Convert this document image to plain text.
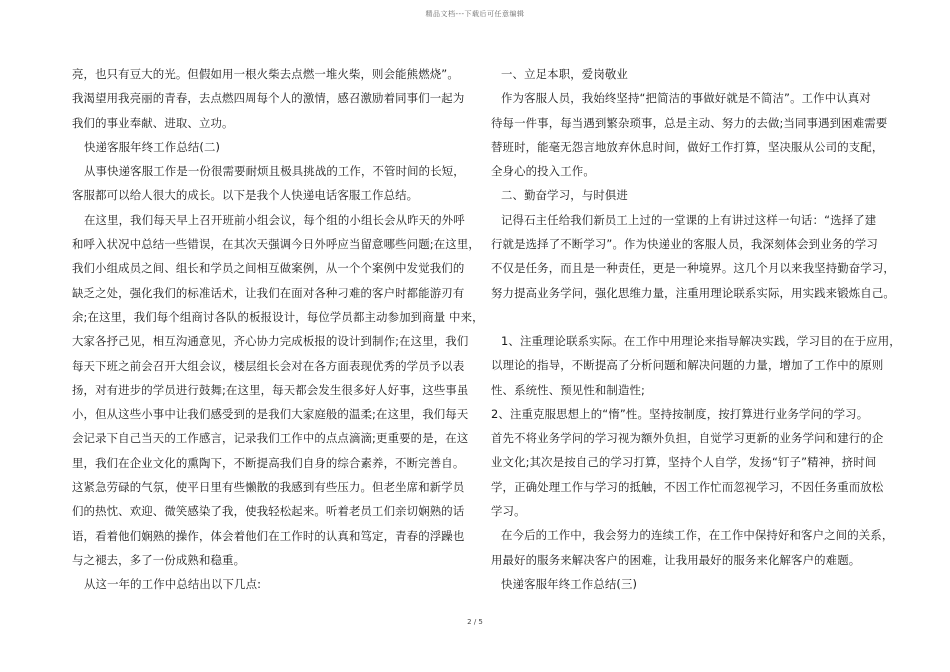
精品文档---下载后可任意编辑

亮，也只有豆大的光。但假如用一根火柴去点燃一堆火柴，则会能熊燃烧”。

我渴望用我亮丽的青春，去点燃四周每个人的激情，感召激励着同事们一起为

我们的事业奉献、进取、立功。

快递客服年终工作总结(二)

从事快递客服工作是一份很需要耐烦且极具挑战的工作，不管时间的长短，

客服都可以给人很大的成长。以下是我个人快递电话客服工作总结。

在这里，我们每天早上召开班前小组会议，每个组的小组长会从昨天的外呼

和呼入状况中总结一些错误，在其次天强调今日外呼应当留意哪些问题;在这里，

我们小组成员之间、组长和学员之间相互做案例，从一个个案例中发觉我们的

缺乏之处，强化我们的标准话术，让我们在面对各种刁难的客户时都能游刃有

余;在这里，我们每个组商讨各队的板报设计，每位学员都主动参加到商量 中来，

大家各抒己见，相互沟通意见，齐心协力完成板报的设计到制作;在这里，我们

每天下班之前会召开大组会议，楼层组长会对在各方面表现优秀的学员予以表

扬，对有进步的学员进行鼓舞;在这里，每天都会发生很多好人好事，这些事虽

小，但从这些小事中让我们感受到的是我们大家庭般的温柔;在这里，我们每天

会记录下自己当天的工作感言，记录我们工作中的点点滴滴;更重要的是，在这

里，我们在企业文化的熏陶下，不断提高我们自身的综合素养，不断完善自。

这紧急劳碌的气氛，使平日里有些懒散的我感到有些压力。但老坐席和新学员

们的热忱、欢迎、微笑感染了我，使我轻松起来。听着老员工们亲切娴熟的话

语，看着他们娴熟的操作，体会着他们在工作时的认真和笃定，青春的浮躁也

与之褪去，多了一份成熟和稳重。

从这一年的工作中总结出以下几点:

一、立足本职，爱岗敬业

作为客服人员，我始终坚持“把简洁的事做好就是不简洁”。工作中认真对

待每一件事，每当遇到繁杂琐事，总是主动、努力的去做;当同事遇到困难需要

替班时，能毫无怨言地放弃休息时间，做好工作打算，坚决服从公司的支配，

全身心的投入工作。

二、勤奋学习，与时俱进

记得石主任给我们新员工上过的一堂课的上有讲过这样一句话：“选择了建

行就是选择了不断学习”。作为快递业的客服人员，我深刻体会到业务的学习

不仅是任务，而且是一种责任，更是一种境界。这几个月以来我坚持勤奋学习，

努力提高业务学问，强化思维力量，注重用理论联系实际，用实践来锻炼自己。

1、注重理论联系实际。在工作中用理论来指导解决实践，学习目的在于应用，

以理论的指导，不断提高了分析问题和解决问题的力量，增加了工作中的原则

性、系统性、预见性和制造性;

2、注重克服思想上的“惰”性。坚持按制度，按打算进行业务学问的学习。

首先不将业务学问的学习视为额外负担，自觉学习更新的业务学问和建行的企

业文化;其次是按自己的学习打算，坚持个人自学，发扬“钉子”精神，挤时间

学，正确处理工作与学习的抵触，不因工作忙而忽视学习，不因任务重而放松

学习。

在今后的工作中，我会努力的连续工作，在工作中保持好和客户之间的关系，

用最好的服务来解决客户的困难，让我用最好的服务来化解客户的难题。

快递客服年终工作总结(三)

2 / 5
